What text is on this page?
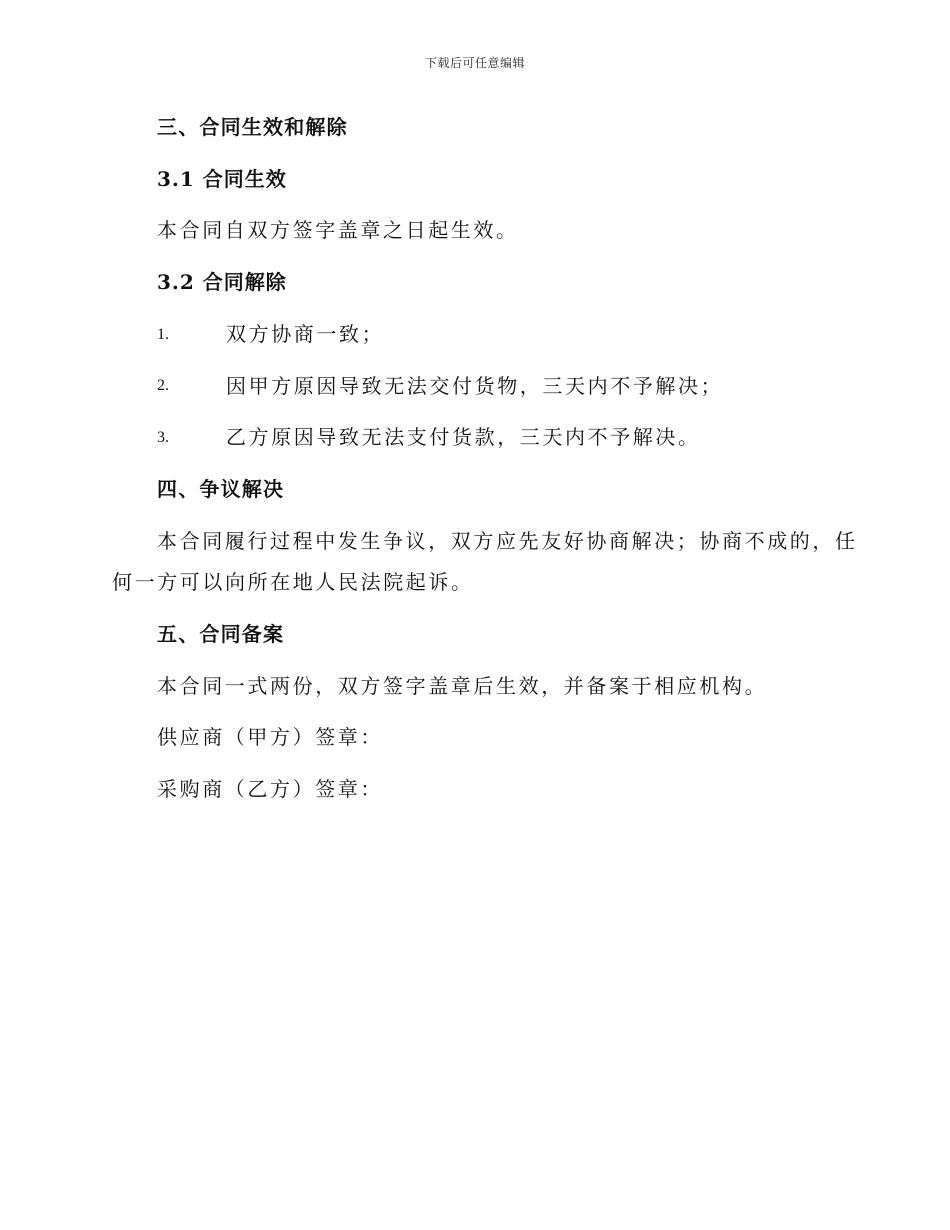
下载后可任意编辑
三、合同生效和解除
3.1 合同生效
本合同自双方签字盖章之日起生效。
3.2 合同解除
1.	双方协商一致；
2.	因甲方原因导致无法交付货物，三天内不予解决；
3.	乙方原因导致无法支付货款，三天内不予解决。
四、争议解决
本合同履行过程中发生争议，双方应先友好协商解决；协商不成的，任
何一方可以向所在地人民法院起诉。
五、合同备案
本合同一式两份，双方签字盖章后生效，并备案于相应机构。
供应商（甲方）签章：
采购商（乙方）签章：
